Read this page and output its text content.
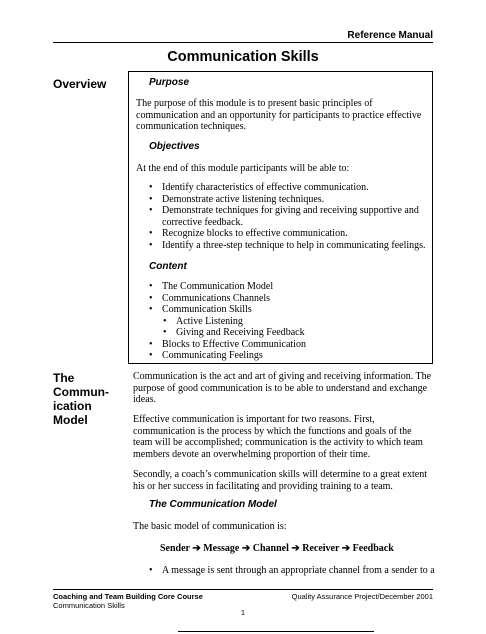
Reference Manual
Communication Skills
Overview	Purpose
The purpose of this module is to present basic principles of communication and an opportunity for participants to practice effective communication techniques.
Objectives
At the end of this module participants will be able to:
• Identify characteristics of effective communication.
• Demonstrate active listening techniques.
• Demonstrate techniques for giving and receiving supportive and corrective feedback.
• Recognize blocks to effective communication.
• Identify a three-step technique to help in communicating feelings.
Content
• The Communication Model
• Communications Channels
• Communication Skills
• Active Listening
• Giving and Receiving Feedback
• Blocks to Effective Communication
• Communicating Feelings
The
Commun-
ication
Model
Communication is the act and art of giving and receiving information. The purpose of good communication is to be able to understand and exchange ideas.
Effective communication is important for two reasons. First, communication is the process by which the functions and goals of the team will be accomplished; communication is the activity to which team members devote an overwhelming proportion of their time.
Secondly, a coach’s communication skills will determine to a great extent his or her success in facilitating and providing training to a team.
The Communication Model
The basic model of communication is:
Sender ➔ Message ➔ Channel ➔ Receiver ➔ Feedback
• A message is sent through an appropriate channel from a sender to a
Coaching and Team Building Core Course
Communication Skills
Quality Assurance Project/December 2001
1
